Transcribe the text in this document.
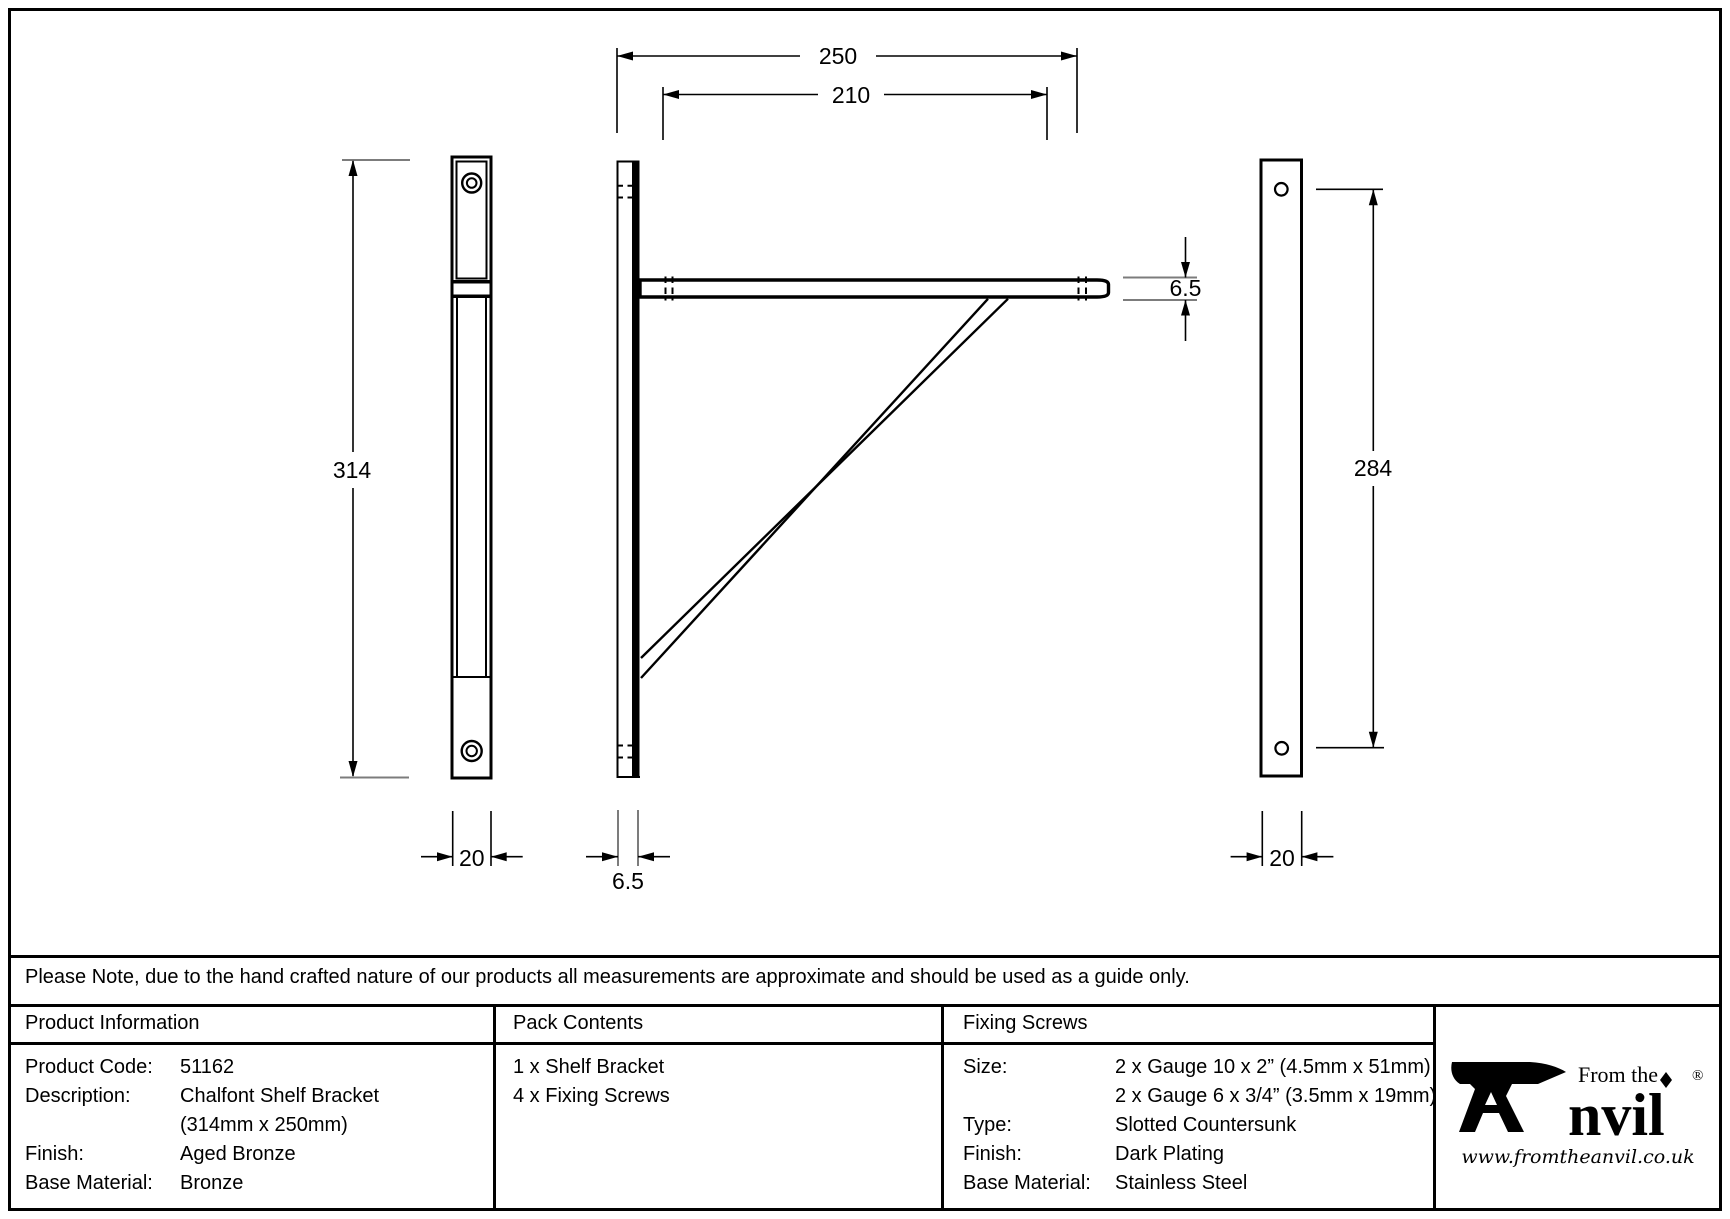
250
210
314	284
20
6.5
6.5
20
Please Note, due to the hand crafted nature of our products all measurements are approximate and should be used as a guide only.
Product Information	Pack Contents	Fixing Screws
Product Code:	51162
Description:	Chalfont Shelf Bracket
(314mm x 250mm)
Finish:	Aged Bronze
Base Material:	Bronze
1 x Shelf Bracket
4 x Fixing Screws
Size:	2 x Gauge 10 x 2” (4.5mm x 51mm)
2 x Gauge 6 x 3/4” (3.5mm x 19mm)
Type:	Slotted Countersunk
Finish:	Dark Plating
Base Material:	Stainless Steel
From the
nvil
®
www.fromtheanvil.co.uk
